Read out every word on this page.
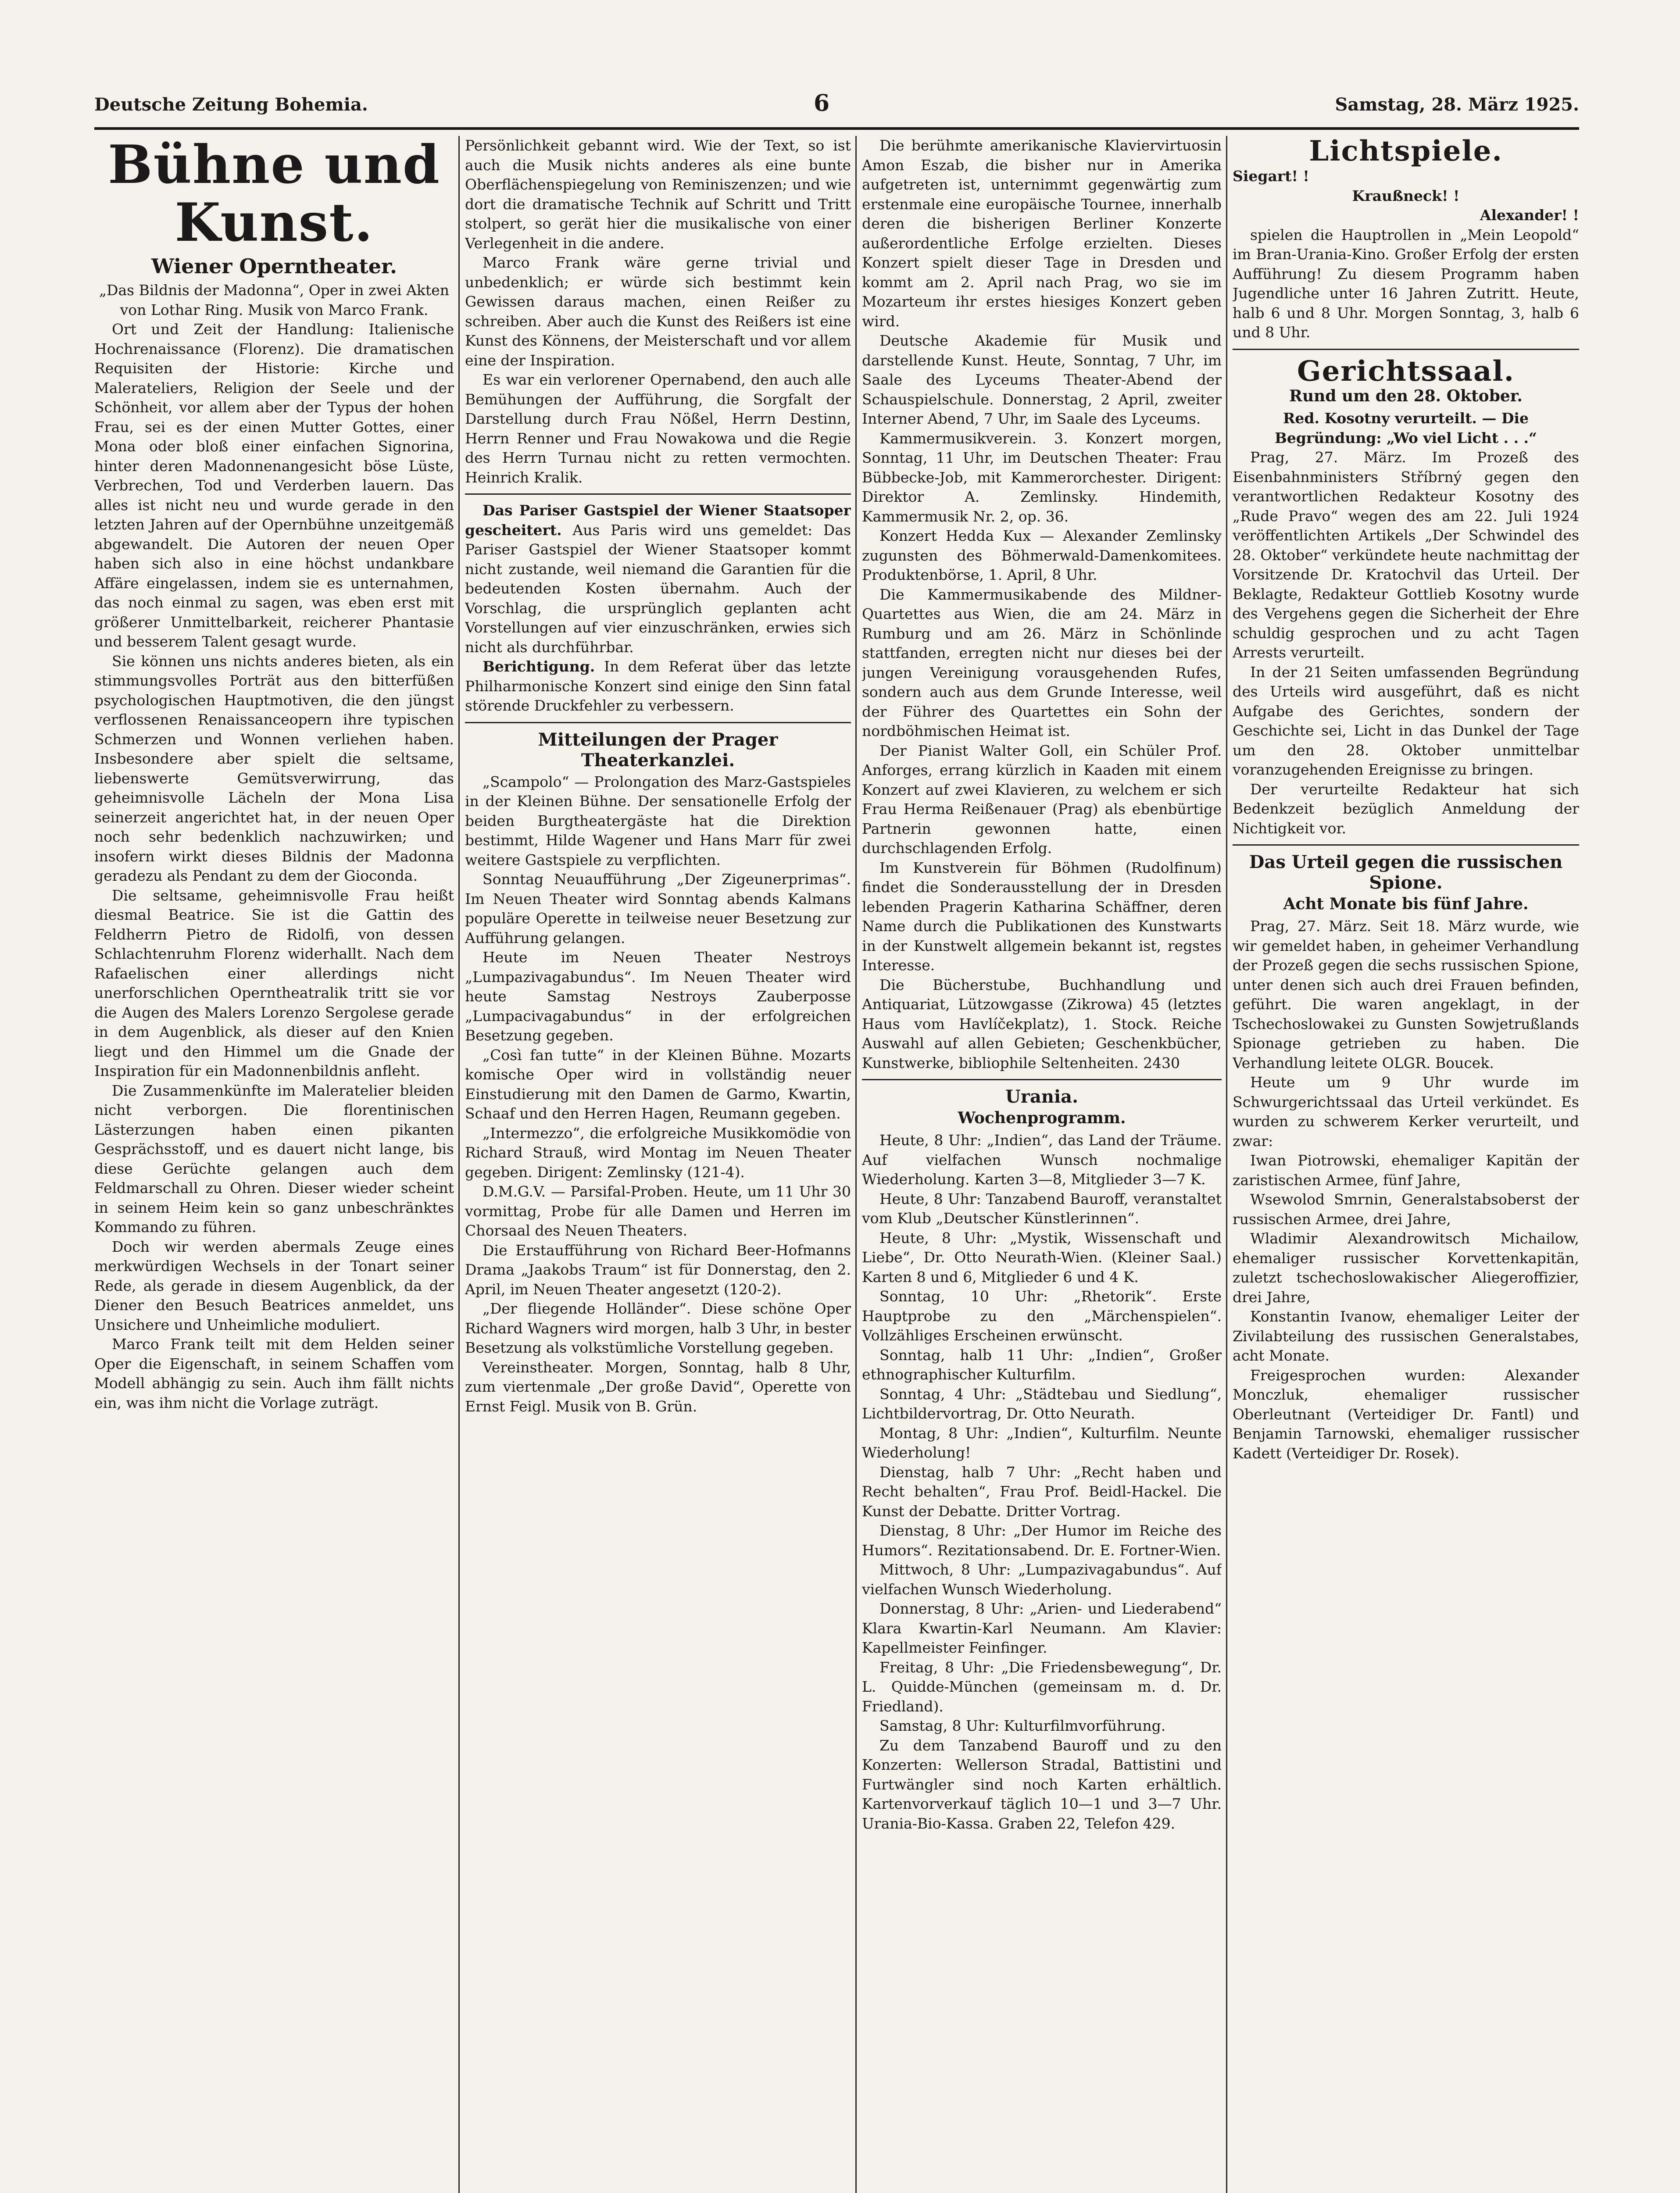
Deutsche Zeitung Bohemia.	6	Samstag, 28. März 1925.
Bühne und Kunst.
Wiener Operntheater.

„Das Bildnis der Madonna“, Oper in zwei Akten von Lothar Ring. Musik von Marco Frank.

Ort und Zeit der Handlung: Italienische Hochrenaissance (Florenz). Die dramatischen Requisiten der Historie: Kirche und Malerateliers, Religion der Seele und der Schönheit, vor allem aber der Typus der hohen Frau, sei es der einen Mutter Gottes, einer Mona oder bloß einer einfachen Signorina, hinter deren Madonnenangesicht böse Lüste, Verbrechen, Tod und Verderben lauern. Das alles ist nicht neu und wurde gerade in den letzten Jahren auf der Opernbühne unzeitgemäß abgewandelt. Die Autoren der neuen Oper haben sich also in eine höchst undankbare Affäre eingelassen, indem sie es unternahmen, das noch einmal zu sagen, was eben erst mit größerer Unmittelbarkeit, reicherer Phantasie und besserem Talent gesagt wurde.

Sie können uns nichts anderes bieten, als ein stimmungsvolles Porträt aus den bitterfüßen psychologischen Hauptmotiven, die den jüngst verflossenen Renaissanceopern ihre typischen Schmerzen und Wonnen verliehen haben. Insbesondere aber spielt die seltsame, liebenswerte Gemütsverwirrung, das geheimnisvolle Lächeln der Mona Lisa seinerzeit angerichtet hat, in der neuen Oper noch sehr bedenklich nachzuwirken; und insofern wirkt dieses Bildnis der Madonna geradezu als Pendant zu dem der Gioconda.

Die seltsame, geheimnisvolle Frau heißt diesmal Beatrice. Sie ist die Gattin des Feldherrn Pietro de Ridolfi, von dessen Schlachtenruhm Florenz widerhallt. Nach dem Rafaelischen einer allerdings nicht unerforschlichen Operntheatralik tritt sie vor die Augen des Malers Lorenzo Sergolese gerade in dem Augenblick, als dieser auf den Knien liegt und den Himmel um die Gnade der Inspiration für ein Madonnenbildnis anfleht.

Die Zusammenkünfte im Maleratelier bleiden nicht verborgen. Die florentinischen Lästerzungen haben einen pikanten Gesprächsstoff, und es dauert nicht lange, bis diese Gerüchte gelangen auch dem Feldmarschall zu Ohren. Dieser wieder scheint in seinem Heim kein so ganz unbeschränktes Kommando zu führen.

Doch wir werden abermals Zeuge eines merkwürdigen Wechsels in der Tonart seiner Rede, als gerade in diesem Augenblick, da der Diener den Besuch Beatrices anmeldet, uns Unsichere und Unheimliche moduliert.

Marco Frank teilt mit dem Helden seiner Oper die Eigenschaft, in seinem Schaffen vom Modell abhängig zu sein. Auch ihm fällt nichts ein, was ihm nicht die Vorlage zuträgt.

Persönlichkeit gebannt wird. Wie der Text, so ist auch die Musik nichts anderes als eine bunte Oberflächenspiegelung von Reminiszenzen; und wie dort die dramatische Technik auf Schritt und Tritt stolpert, so gerät hier die musikalische von einer Verlegenheit in die andere.

Marco Frank wäre gerne trivial und unbedenklich; er würde sich bestimmt kein Gewissen daraus machen, einen Reißer zu schreiben. Aber auch die Kunst des Reißers ist eine Kunst des Könnens, der Meisterschaft und vor allem eine der Inspiration.

Es war ein verlorener Opernabend, den auch alle Bemühungen der Aufführung, die Sorgfalt der Darstellung durch Frau Nößel, Herrn Destinn, Herrn Renner und Frau Nowakowa und die Regie des Herrn Turnau nicht zu retten vermochten. Heinrich Kralik.

Das Pariser Gastspiel der Wiener Staatsoper gescheitert. Aus Paris wird uns gemeldet: Das Pariser Gastspiel der Wiener Staatsoper kommt nicht zustande, weil niemand die Garantien für die bedeutenden Kosten übernahm. Auch der Vorschlag, die ursprünglich geplanten acht Vorstellungen auf vier einzuschränken, erwies sich nicht als durchführbar.

Berichtigung. In dem Referat über das letzte Philharmonische Konzert sind einige den Sinn fatal störende Druckfehler zu verbessern.

Mitteilungen der Prager Theaterkanzlei.

„Scampolo“ — Prolongation des Marz-Gastspieles in der Kleinen Bühne. Der sensationelle Erfolg der beiden Burgtheatergäste hat die Direktion bestimmt, Hilde Wagener und Hans Marr für zwei weitere Gastspiele zu verpflichten.

Sonntag Neuaufführung „Der Zigeunerprimas“. Im Neuen Theater wird Sonntag abends Kalmans populäre Operette in teilweise neuer Besetzung zur Aufführung gelangen.

Heute im Neuen Theater Nestroys „Lumpazivagabundus“. Im Neuen Theater wird heute Samstag Nestroys Zauberposse „Lumpacivagabundus“ in der erfolgreichen Besetzung gegeben.

„Così fan tutte“ in der Kleinen Bühne. Mozarts komische Oper wird in vollständig neuer Einstudierung mit den Damen de Garmo, Kwartin, Schaaf und den Herren Hagen, Reumann gegeben.

„Intermezzo“, die erfolgreiche Musikkomödie von Richard Strauß, wird Montag im Neuen Theater gegeben. Dirigent: Zemlinsky (121-4).

D.M.G.V. — Parsifal-Proben. Heute, um 11 Uhr 30 vormittag, Probe für alle Damen und Herren im Chorsaal des Neuen Theaters.

Die Erstaufführung von Richard Beer-Hofmanns Drama „Jaakobs Traum“ ist für Donnerstag, den 2. April, im Neuen Theater angesetzt (120-2).

„Der fliegende Holländer“. Diese schöne Oper Richard Wagners wird morgen, halb 3 Uhr, in bester Besetzung als volkstümliche Vorstellung gegeben.

Vereinstheater. Morgen, Sonntag, halb 8 Uhr, zum viertenmale „Der große David“, Operette von Ernst Feigl. Musik von B. Grün.

Die berühmte amerikanische Klaviervirtuosin Amon Eszab, die bisher nur in Amerika aufgetreten ist, unternimmt gegenwärtig zum erstenmale eine europäische Tournee, innerhalb deren die bisherigen Berliner Konzerte außerordentliche Erfolge erzielten. Dieses Konzert spielt dieser Tage in Dresden und kommt am 2. April nach Prag, wo sie im Mozarteum ihr erstes hiesiges Konzert geben wird.

Deutsche Akademie für Musik und darstellende Kunst. Heute, Sonntag, 7 Uhr, im Saale des Lyceums Theater-Abend der Schauspielschule. Donnerstag, 2 April, zweiter Interner Abend, 7 Uhr, im Saale des Lyceums.

Kammermusikverein. 3. Konzert morgen, Sonntag, 11 Uhr, im Deutschen Theater: Frau Bübbecke-Job, mit Kammerorchester. Dirigent: Direktor A. Zemlinsky. Hindemith, Kammermusik Nr. 2, op. 36.

Konzert Hedda Kux — Alexander Zemlinsky zugunsten des Böhmerwald-Damenkomitees. Produktenbörse, 1. April, 8 Uhr.

Die Kammermusikabende des Mildner-Quartettes aus Wien, die am 24. März in Rumburg und am 26. März in Schönlinde stattfanden, erregten nicht nur dieses bei der jungen Vereinigung vorausgehenden Rufes, sondern auch aus dem Grunde Interesse, weil der Führer des Quartettes ein Sohn der nordböhmischen Heimat ist.

Der Pianist Walter Goll, ein Schüler Prof. Anforges, errang kürzlich in Kaaden mit einem Konzert auf zwei Klavieren, zu welchem er sich Frau Herma Reißenauer (Prag) als ebenbürtige Partnerin gewonnen hatte, einen durchschlagenden Erfolg.

Im Kunstverein für Böhmen (Rudolfinum) findet die Sonderausstellung der in Dresden lebenden Pragerin Katharina Schäffner, deren Name durch die Publikationen des Kunstwarts in der Kunstwelt allgemein bekannt ist, regstes Interesse.

Die Bücherstube, Buchhandlung und Antiquariat, Lützowgasse (Zikrowa) 45 (letztes Haus vom Havlíčekplatz), 1. Stock. Reiche Auswahl auf allen Gebieten; Geschenkbücher, Kunstwerke, bibliophile Seltenheiten. 2430

Urania.
Wochenprogramm.

Heute, 8 Uhr: „Indien“, das Land der Träume. Auf vielfachen Wunsch nochmalige Wiederholung. Karten 3—8, Mitglieder 3—7 K.

Heute, 8 Uhr: Tanzabend Bauroff, veranstaltet vom Klub „Deutscher Künstlerinnen“.

Heute, 8 Uhr: „Mystik, Wissenschaft und Liebe“, Dr. Otto Neurath-Wien. (Kleiner Saal.) Karten 8 und 6, Mitglieder 6 und 4 K.

Sonntag, 10 Uhr: „Rhetorik“. Erste Hauptprobe zu den „Märchenspielen“. Vollzähliges Erscheinen erwünscht.

Sonntag, halb 11 Uhr: „Indien“, Großer ethnographischer Kulturfilm.

Sonntag, 4 Uhr: „Städtebau und Siedlung“, Lichtbildervortrag, Dr. Otto Neurath.

Montag, 8 Uhr: „Indien“, Kulturfilm. Neunte Wiederholung!

Dienstag, halb 7 Uhr: „Recht haben und Recht behalten“, Frau Prof. Beidl-Hackel. Die Kunst der Debatte. Dritter Vortrag.

Dienstag, 8 Uhr: „Der Humor im Reiche des Humors“. Rezitationsabend. Dr. E. Fortner-Wien.

Mittwoch, 8 Uhr: „Lumpazivagabundus“. Auf vielfachen Wunsch Wiederholung.

Donnerstag, 8 Uhr: „Arien- und Liederabend“ Klara Kwartin-Karl Neumann. Am Klavier: Kapellmeister Feinfinger.

Freitag, 8 Uhr: „Die Friedensbewegung“, Dr. L. Quidde-München (gemeinsam m. d. Dr. Friedland).

Samstag, 8 Uhr: Kulturfilmvorführung.

Zu dem Tanzabend Bauroff und zu den Konzerten: Wellerson Stradal, Battistini und Furtwängler sind noch Karten erhältlich. Kartenvorverkauf täglich 10—1 und 3—7 Uhr. Urania-Bio-Kassa. Graben 22, Telefon 429.

Lichtspiele.

Siegart! !

Kraußneck! !

Alexander! !

spielen die Hauptrollen in „Mein Leopold“ im Bran-Urania-Kino. Großer Erfolg der ersten Aufführung! Zu diesem Programm haben Jugendliche unter 16 Jahren Zutritt. Heute, halb 6 und 8 Uhr. Morgen Sonntag, 3, halb 6 und 8 Uhr.

Gerichtssaal.
Rund um den 28. Oktober.

Red. Kosotny verurteilt. — Die Begründung: „Wo viel Licht . . .“

Prag, 27. März. Im Prozeß des Eisenbahnministers Stříbrný gegen den verantwortlichen Redakteur Kosotny des „Rude Pravo“ wegen des am 22. Juli 1924 veröffentlichten Artikels „Der Schwindel des 28. Oktober“ verkündete heute nachmittag der Vorsitzende Dr. Kratochvil das Urteil. Der Beklagte, Redakteur Gottlieb Kosotny wurde des Vergehens gegen die Sicherheit der Ehre schuldig gesprochen und zu acht Tagen Arrests verurteilt.

In der 21 Seiten umfassenden Begründung des Urteils wird ausgeführt, daß es nicht Aufgabe des Gerichtes, sondern der Geschichte sei, Licht in das Dunkel der Tage um den 28. Oktober unmittelbar voranzugehenden Ereignisse zu bringen.

Der verurteilte Redakteur hat sich Bedenkzeit bezüglich Anmeldung der Nichtigkeit vor.

Das Urteil gegen die russischen Spione.
Acht Monate bis fünf Jahre.

Prag, 27. März. Seit 18. März wurde, wie wir gemeldet haben, in geheimer Verhandlung der Prozeß gegen die sechs russischen Spione, unter denen sich auch drei Frauen befinden, geführt. Die waren angeklagt, in der Tschechoslowakei zu Gunsten Sowjetrußlands Spionage getrieben zu haben. Die Verhandlung leitete OLGR. Boucek.

Heute um 9 Uhr wurde im Schwurgerichtssaal das Urteil verkündet. Es wurden zu schwerem Kerker verurteilt, und zwar:

Iwan Piotrowski, ehemaliger Kapitän der zaristischen Armee, fünf Jahre,

Wsewolod Smrnin, Generalstabsoberst der russischen Armee, drei Jahre,

Wladimir Alexandrowitsch Michailow, ehemaliger russischer Korvettenkapitän, zuletzt tschechoslowakischer Aliegeroffizier, drei Jahre,

Konstantin Ivanow, ehemaliger Leiter der Zivilabteilung des russischen Generalstabes, acht Monate.

Freigesprochen wurden: Alexander Monczluk, ehemaliger russischer Oberleutnant (Verteidiger Dr. Fantl) und Benjamin Tarnowski, ehemaliger russischer Kadett (Verteidiger Dr. Rosek).
